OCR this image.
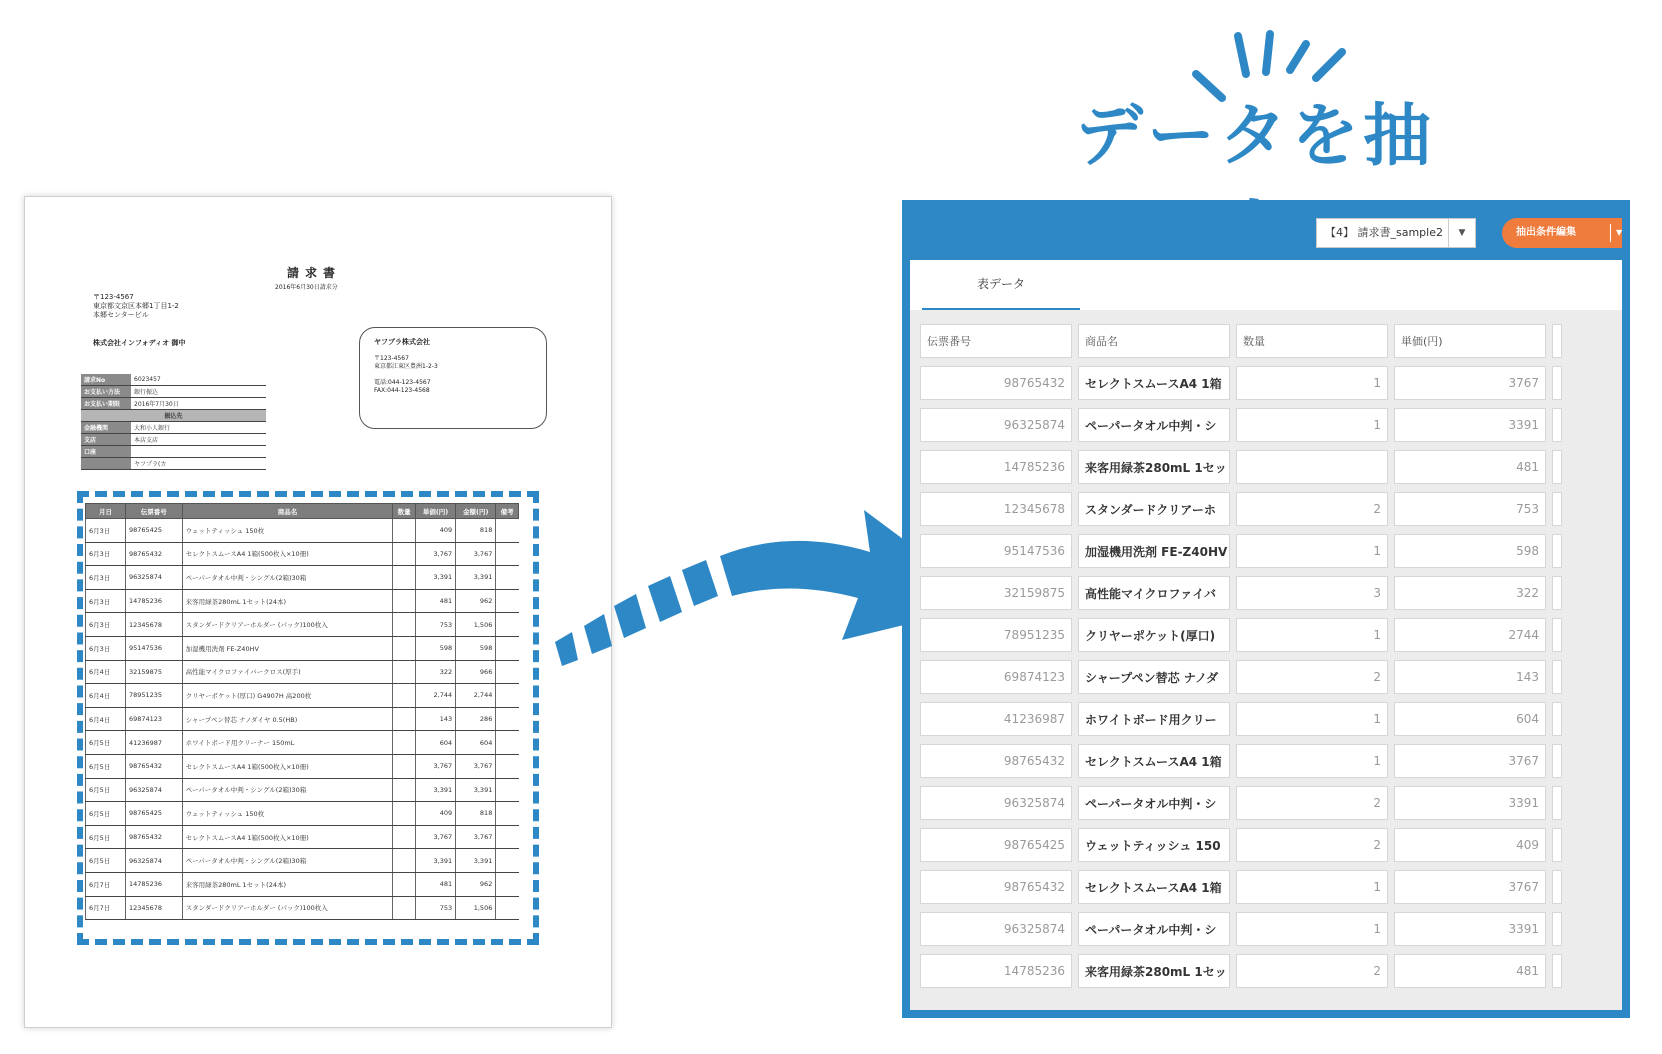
請求書
2016年6月30日請求分
〒123-4567
東京都文京区本郷1丁目1-2
本郷センタービル
株式会社インフォディオ 御中	ヤフプラ株式会社
〒123-4567
東京都江東区豊洲1-2-3
電話:044-123-4567
FAX:044-123-4568
請求No	6023457
お支払い方法	銀行振込
お支払い期限	2016年7月30日
振込先	
金融機関	大和小人銀行
支店	本店支店
口座	
	ヤフプラ(カ
月日	伝票番号	商品名	数量	単価(円)	金額(円)	備考
6月3日	98765425	ウェットティッシュ 150枚		409	818	
6月3日	98765432	セレクトスムースA4 1箱(500枚入×10冊)		3,767	3,767	
6月3日	96325874	ペーパータオル中判・シングル(2箱)30箱		3,391	3,391	
6月3日	14785236	来客用緑茶280mL 1セット(24本)		481	962	
6月3日	12345678	スタンダードクリアーホルダー (パック)100枚入		753	1,506	
6月3日	95147536	加湿機用洗剤 FE-Z40HV		598	598	
6月4日	32159875	高性能マイクロファイバークロス(厚手)		322	966	
6月4日	78951235	クリヤーポケット(厚口) G4907H 高200枚		2,744	2,744	
6月4日	69874123	シャープペン替芯 ナノダイヤ 0.5(HB)		143	286	
6月5日	41236987	ホワイトボード用クリーナー 150mL		604	604	
6月5日	98765432	セレクトスムースA4 1箱(500枚入×10冊)		3,767	3,767	
6月5日	96325874	ペーパータオル中判・シングル(2箱)30箱		3,391	3,391	
6月5日	98765425	ウェットティッシュ 150枚		409	818	
6月5日	98765432	セレクトスムースA4 1箱(500枚入×10冊)		3,767	3,767	
6月5日	96325874	ペーパータオル中判・シングル(2箱)30箱		3,391	3,391	
6月7日	14785236	来客用緑茶280mL 1セット(24本)		481	962	
6月7日	12345678	スタンダードクリアーホルダー (パック)100枚入		753	1,506	
データを抽
【4】 請求書_sample2	▼	抽出条件編集	▼
表データ
伝票番号	商品名	数量	単価(円)	
98765432	セレクトスムースA4 1箱	1	3767	
96325874	ペーパータオル中判・シ	1	3391	
14785236	来客用緑茶280mL 1セッ		481	
12345678	スタンダードクリアーホ	2	753	
95147536	加湿機用洗剤 FE-Z40HV	1	598	
32159875	高性能マイクロファイバ	3	322	
78951235	クリヤーポケット(厚口)	1	2744	
69874123	シャープペン替芯 ナノダ	2	143	
41236987	ホワイトボード用クリー	1	604	
98765432	セレクトスムースA4 1箱	1	3767	
96325874	ペーパータオル中判・シ	2	3391	
98765425	ウェットティッシュ 150	2	409	
98765432	セレクトスムースA4 1箱	1	3767	
96325874	ペーパータオル中判・シ	1	3391	
14785236	来客用緑茶280mL 1セッ	2	481	
